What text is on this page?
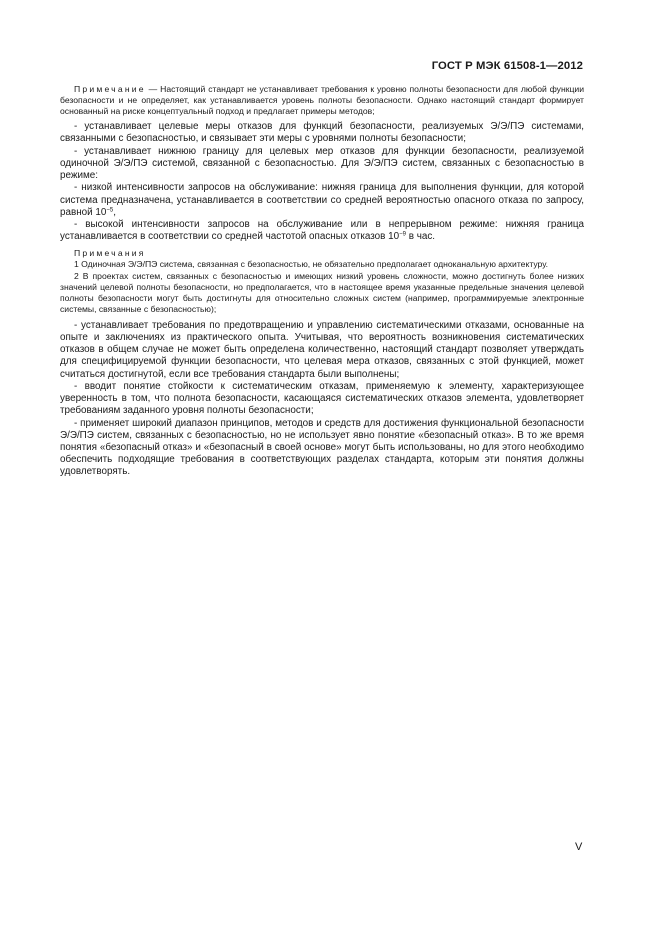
ГОСТ Р МЭК 61508-1—2012

Примечание — Настоящий стандарт не устанавливает требования к уровню полноты безопасности для любой функции безопасности и не определяет, как устанавливается уровень полноты безопасности. Однако настоящий стандарт формирует основанный на риске концептуальный подход и предлагает примеры методов;

- устанавливает целевые меры отказов для функций безопасности, реализуемых Э/Э/ПЭ системами, связанными с безопасностью, и связывает эти меры с уровнями полноты безопасности;

- устанавливает нижнюю границу для целевых мер отказов для функции безопасности, реализуемой одиночной Э/Э/ПЭ системой, связанной с безопасностью. Для Э/Э/ПЭ систем, связанных с безопасностью в режиме:

- низкой интенсивности запросов на обслуживание: нижняя граница для выполнения функции, для которой система предназначена, устанавливается в соответствии со средней вероятностью опасного отказа по запросу, равной $10^{-5}$,

- высокой интенсивности запросов на обслуживание или в непрерывном режиме: нижняя граница устанавливается в соответствии со средней частотой опасных отказов $10^{-9}$ в час.

Примечания

1 Одиночная Э/Э/ПЭ система, связанная с безопасностью, не обязательно предполагает одноканальную архитектуру.

2 В проектах систем, связанных с безопасностью и имеющих низкий уровень сложности, можно достигнуть более низких значений целевой полноты безопасности, но предполагается, что в настоящее время указанные предельные значения целевой полноты безопасности могут быть достигнуты для относительно сложных систем (например, программируемые электронные системы, связанные с безопасностью);

- устанавливает требования по предотвращению и управлению систематическими отказами, основанные на опыте и заключениях из практического опыта. Учитывая, что вероятность возникновения систематических отказов в общем случае не может быть определена количественно, настоящий стандарт позволяет утверждать для специфицируемой функции безопасности, что целевая мера отказов, связанных с этой функцией, может считаться достигнутой, если все требования стандарта были выполнены;

- вводит понятие стойкости к систематическим отказам, применяемую к элементу, характеризующее уверенность в том, что полнота безопасности, касающаяся систематических отказов элемента, удовлетворяет требованиям заданного уровня полноты безопасности;

- применяет широкий диапазон принципов, методов и средств для достижения функциональной безопасности Э/Э/ПЭ систем, связанных с безопасностью, но не использует явно понятие «безопасный отказ». В то же время понятия «безопасный отказ» и «безопасный в своей основе» могут быть использованы, но для этого необходимо обеспечить подходящие требования в соответствующих разделах стандарта, которым эти понятия должны удовлетворять.

V
